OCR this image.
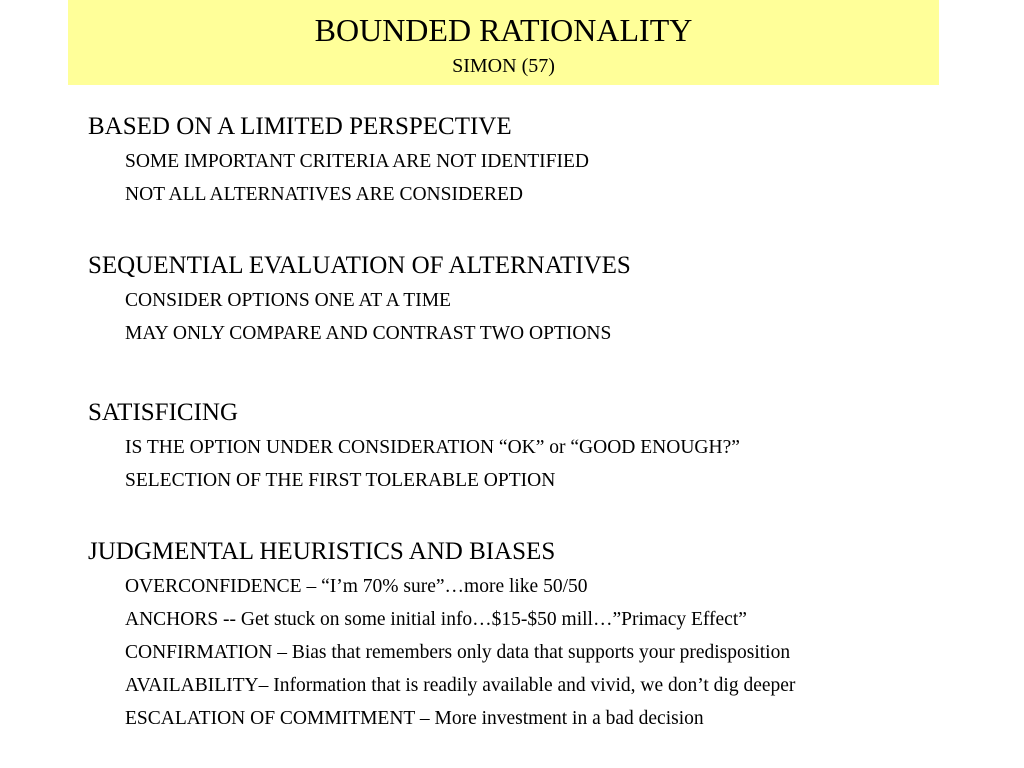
BOUNDED RATIONALITY
SIMON (57)
BASED ON A LIMITED PERSPECTIVE
SOME IMPORTANT CRITERIA ARE NOT IDENTIFIED
NOT ALL ALTERNATIVES ARE CONSIDERED
SEQUENTIAL EVALUATION OF ALTERNATIVES
CONSIDER OPTIONS ONE AT A TIME
MAY ONLY COMPARE AND CONTRAST TWO OPTIONS
SATISFICING
IS THE OPTION UNDER CONSIDERATION “OK” or “GOOD ENOUGH?”
SELECTION OF THE FIRST TOLERABLE OPTION
JUDGMENTAL HEURISTICS AND BIASES
OVERCONFIDENCE – “I’m 70% sure”…more like 50/50
ANCHORS -- Get stuck on some initial info…$15-$50 mill…”Primacy Effect”
CONFIRMATION – Bias that remembers only data that supports your predisposition
AVAILABILITY– Information that is readily available and vivid, we don’t dig deeper
ESCALATION OF COMMITMENT – More investment in a bad decision
